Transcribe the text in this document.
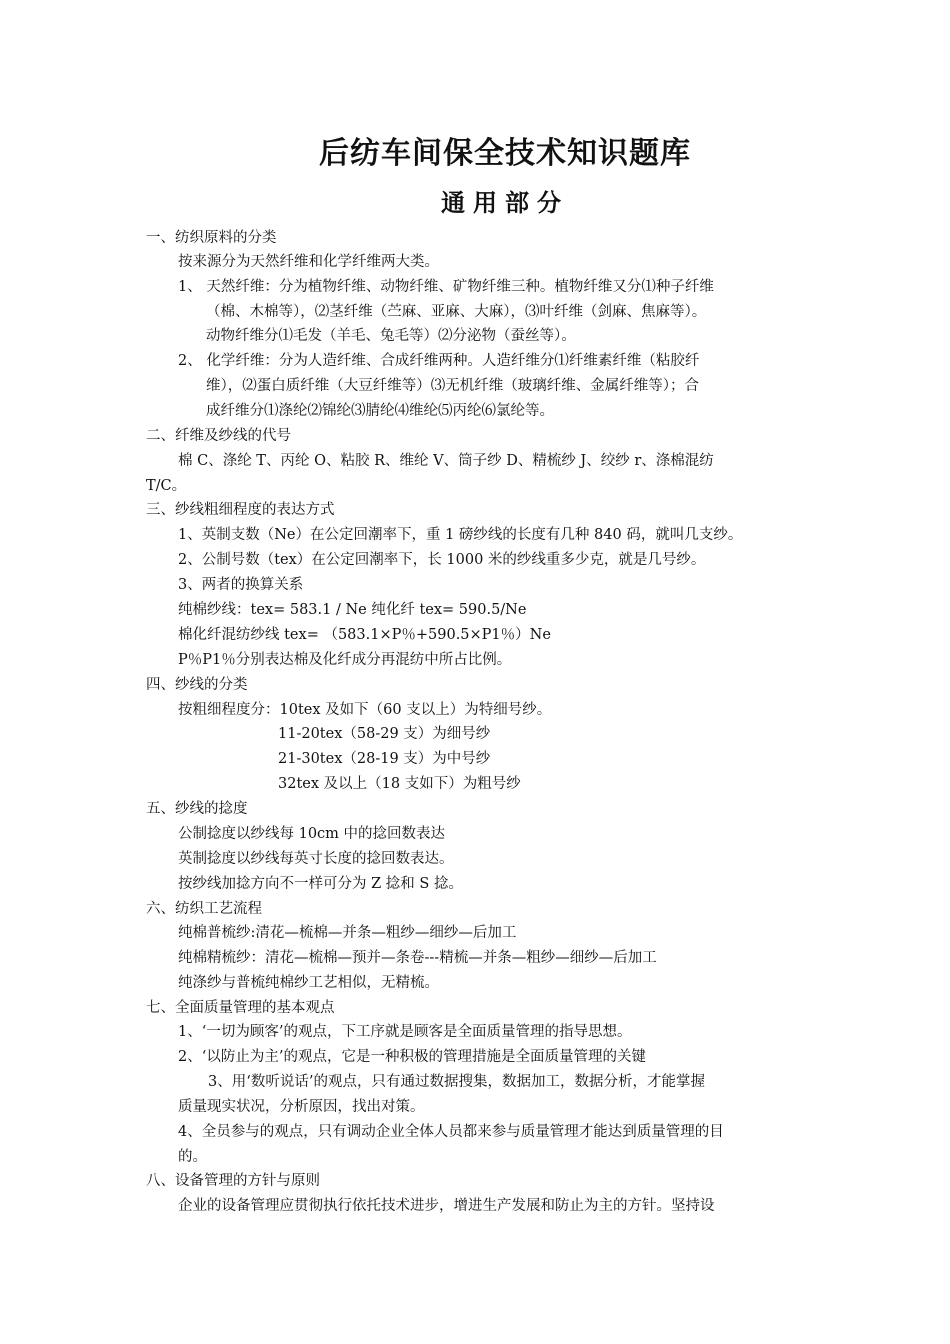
后纺车间保全技术知识题库
通用部分
一、纺织原料的分类
按来源分为天然纤维和化学纤维两大类。
1、 天然纤维：分为植物纤维、动物纤维、矿物纤维三种。植物纤维又分⑴种子纤维
（棉、木棉等），⑵茎纤维（苎麻、亚麻、大麻），⑶叶纤维（剑麻、焦麻等）。
动物纤维分⑴毛发（羊毛、兔毛等）⑵分泌物（蚕丝等）。
2、 化学纤维：分为人造纤维、合成纤维两种。人造纤维分⑴纤维素纤维（粘胶纤
维），⑵蛋白质纤维（大豆纤维等）⑶无机纤维（玻璃纤维、金属纤维等）；合
成纤维分⑴涤纶⑵锦纶⑶腈纶⑷维纶⑸丙纶⑹氯纶等。
二、纤维及纱线的代号
棉 C、涤纶 T、丙纶 O、粘胶 R、维纶 V、筒子纱 D、精梳纱 J、绞纱 r、涤棉混纺
T/C。
三、纱线粗细程度的表达方式
1、英制支数（Ne）在公定回潮率下，重 1 磅纱线的长度有几种 840 码，就叫几支纱。
2、公制号数（tex）在公定回潮率下，长 1000 米的纱线重多少克，就是几号纱。
3、两者的换算关系
纯棉纱线：tex= 583.1 / Ne 纯化纤 tex= 590.5/Ne
棉化纤混纺纱线 tex= （583.1×P％+590.5×P1％）Ne
P％P1％分别表达棉及化纤成分再混纺中所占比例。
四、纱线的分类
按粗细程度分：10tex 及如下（60 支以上）为特细号纱。
11-20tex（58-29 支）为细号纱
21-30tex（28-19 支）为中号纱
32tex 及以上（18 支如下）为粗号纱
五、纱线的捻度
公制捻度以纱线每 10cm 中的捻回数表达
英制捻度以纱线每英寸长度的捻回数表达。
按纱线加捻方向不一样可分为 Z 捻和 S 捻。
六、纺织工艺流程
纯棉普梳纱:清花—梳棉—并条—粗纱—细纱—后加工
纯棉精梳纱：清花—梳棉—预并—条卷---精梳—并条—粗纱—细纱—后加工
纯涤纱与普梳纯棉纱工艺相似，无精梳。
七、全面质量管理的基本观点
1、‘一切为顾客’的观点，下工序就是顾客是全面质量管理的指导思想。
2、‘以防止为主’的观点，它是一种积极的管理措施是全面质量管理的关键
3、用‘数听说话’的观点，只有通过数据搜集，数据加工，数据分析，才能掌握
质量现实状况，分析原因，找出对策。
4、全员参与的观点，只有调动企业全体人员都来参与质量管理才能达到质量管理的目
的。
八、设备管理的方针与原则
企业的设备管理应贯彻执行依托技术进步，增进生产发展和防止为主的方针。坚持设
